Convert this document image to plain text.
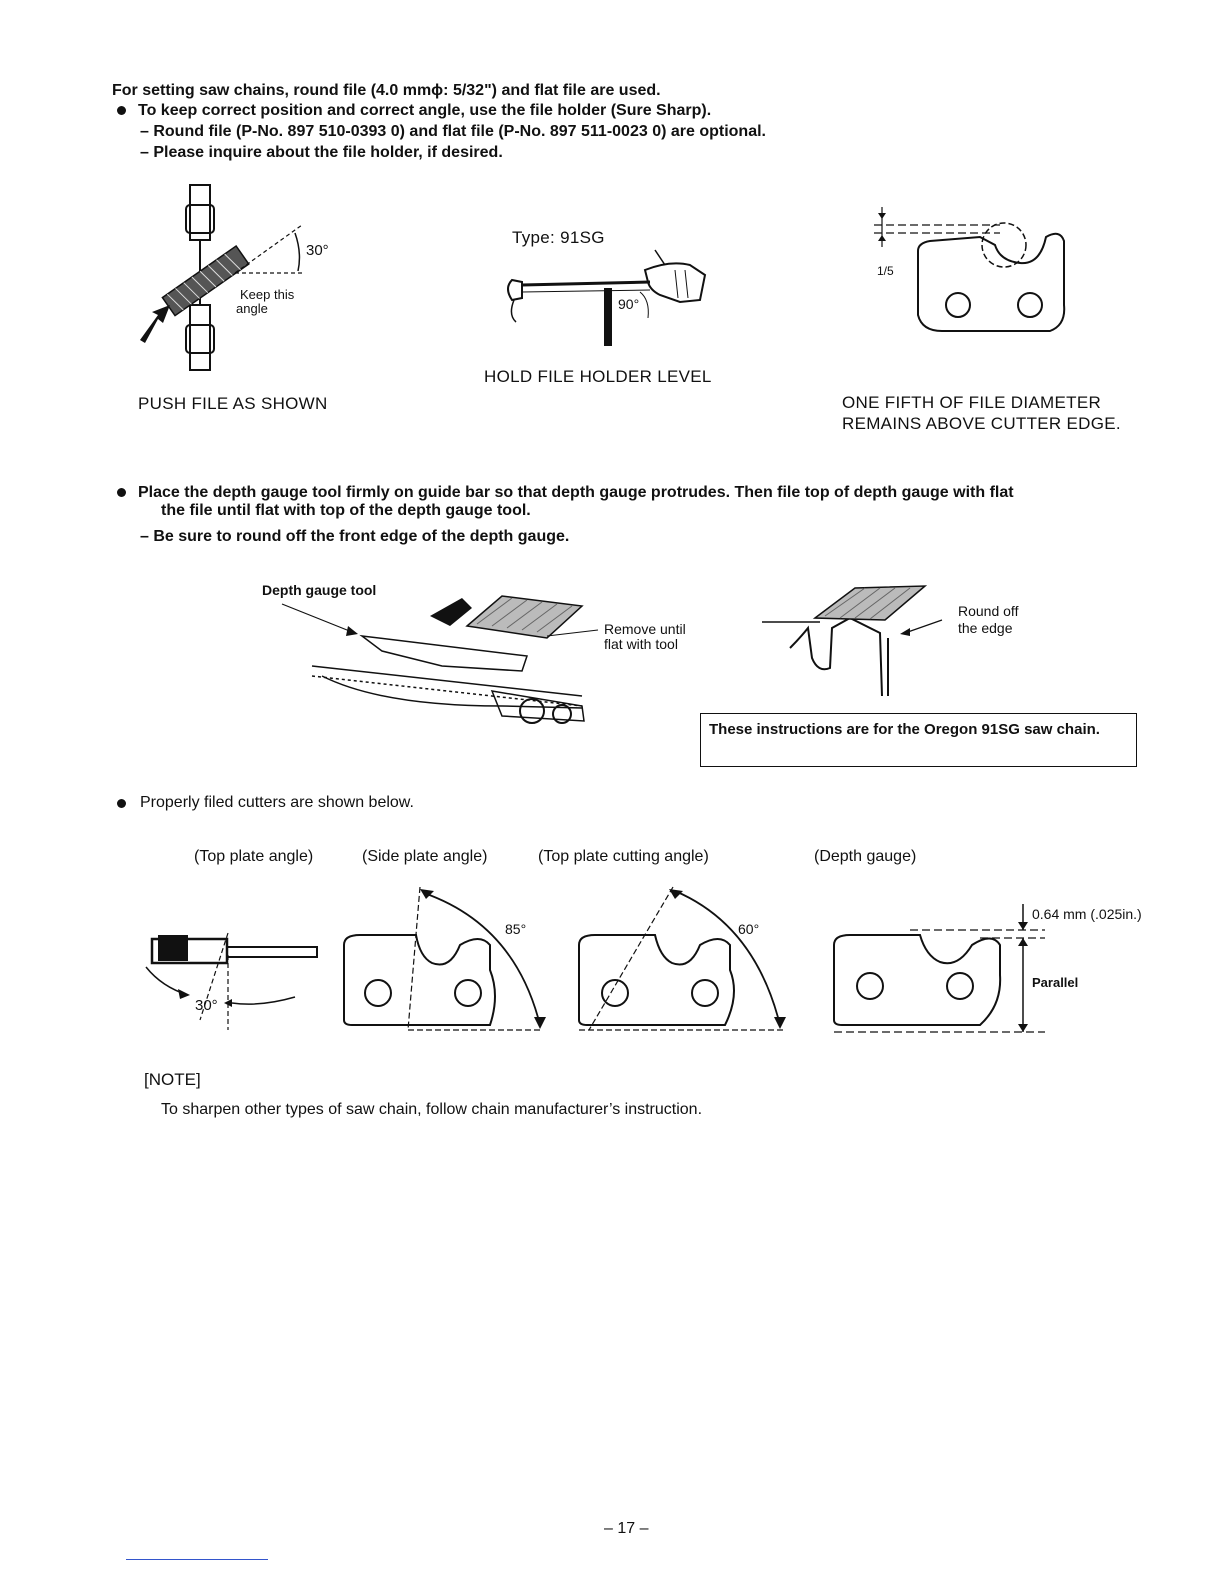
For setting saw chains, round file (4.0 mmϕ: 5/32") and flat file are used.
To keep correct position and correct angle, use the file holder (Sure Sharp).
– Round file (P-No. 897 510-0393 0) and flat file (P-No. 897 511-0023 0) are optional.
– Please inquire about the file holder, if desired.
30°
Keep this
angle
PUSH FILE AS SHOWN
Type: 91SG
90°
HOLD FILE HOLDER LEVEL
1/5
ONE FIFTH OF FILE DIAMETER
REMAINS ABOVE CUTTER EDGE.
Place the depth gauge tool firmly on guide bar so that depth gauge protrudes. Then file top of depth gauge with flat
the file until flat with top of the depth gauge tool.
– Be sure to round off the front edge of the depth gauge.
Depth gauge tool
Remove until
flat with tool
Round off
the edge
These instructions are for the Oregon 91SG saw chain.
Properly filed cutters are shown below.
(Top plate angle)	(Side plate angle)	(Top plate cutting angle)	(Depth gauge)
30°
85°	60°
0.64 mm (.025in.)
Parallel
[NOTE]
To sharpen other types of saw chain, follow chain manufacturer’s instruction.
– 17 –
